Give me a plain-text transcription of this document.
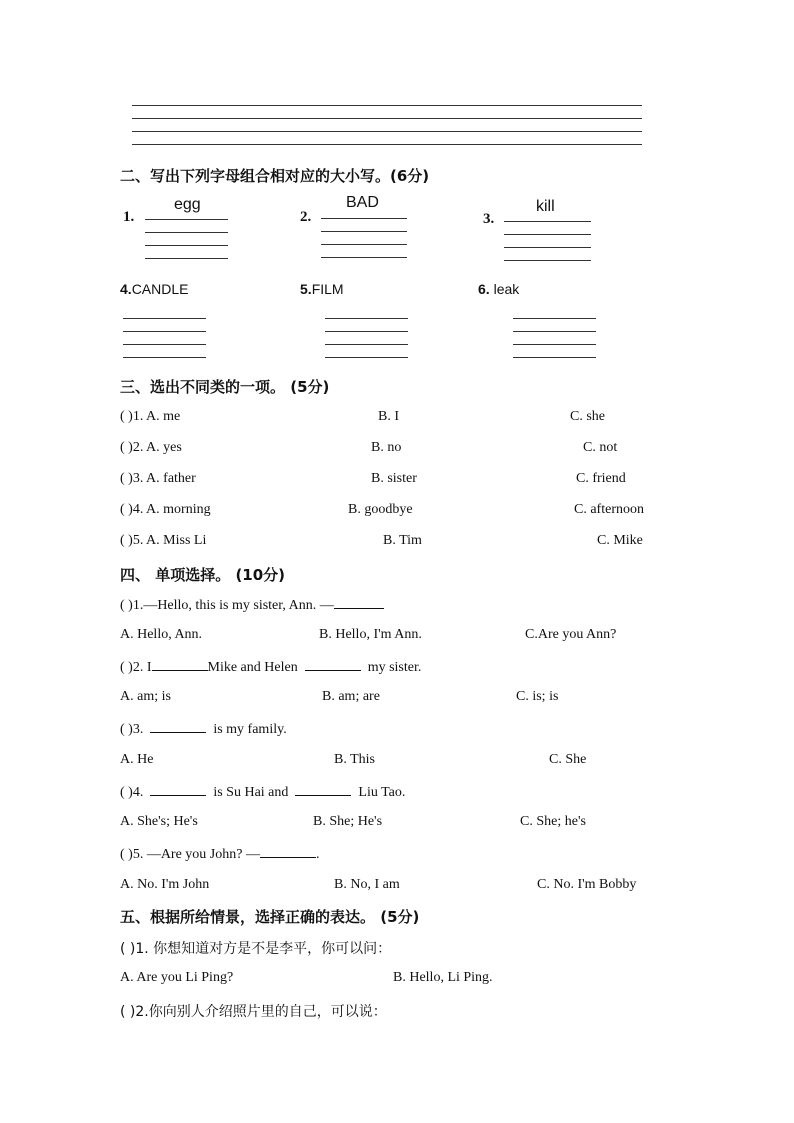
二、写出下列字母组合相对应的大小写。(6分)
1.
egg
2.
BAD
3.
kill
4.CANDLE	5.FILM	6. leak
三、选出不同类的一项。 (5分)
( )1. A. me	B. I	C. she
( )2. A. yes	B. no	C. not
( )3. A. father	B. sister	C. friend
( )4. A. morning	B. goodbye	C. afternoon
( )5. A. Miss Li	B. Tim	C. Mike
四、 单项选择。 (10分)
( )1.—Hello, this is my sister, Ann. —
A. Hello, Ann.	B. Hello, I'm Ann.	C.Are you Ann?
( )2. I	Mike and Helen	my sister.
A. am; is	B. am; are	C. is; is
( )3.	is my family.
A. He	B. This	C. She
( )4.	is Su Hai and	Liu Tao.
A. She's; He's	B. She; He's	C. She; he's
( )5. —Are you John? —	.
A. No. I'm John	B. No, I am	C. No. I'm Bobby
五、根据所给情景，选择正确的表达。 (5分)
( )1. 你想知道对方是不是李平，你可以问：
A. Are you Li Ping?	B. Hello, Li Ping.
( )2.你向别人介绍照片里的自己，可以说：
